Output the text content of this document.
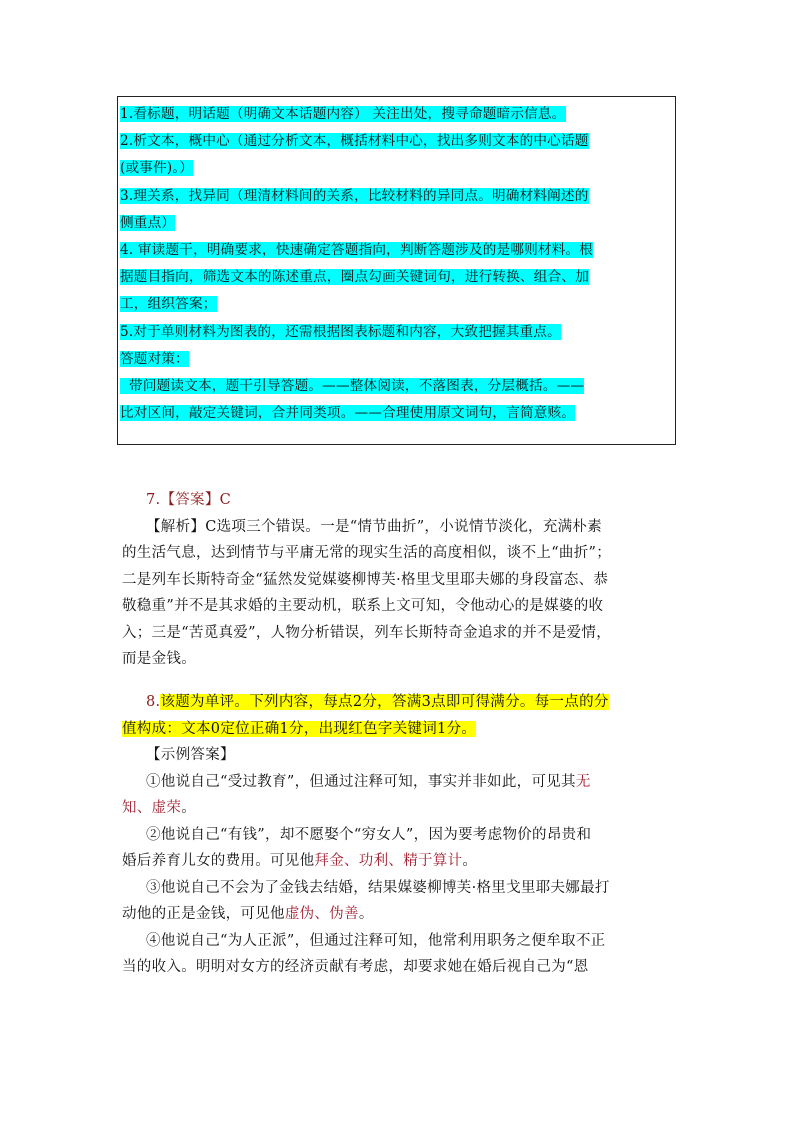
1.看标题，明话题（明确文本话题内容） 关注出处，搜寻命题暗示信息。
2.析文本，概中心（通过分析文本，概括材料中心，找出多则文本的中心话题
(或事件)。）
3.理关系，找异同（理清材料间的关系，比较材料的异同点。明确材料阐述的
侧重点）
4. 审读题干，明确要求，快速确定答题指向，判断答题涉及的是哪则材料。根
据题目指向，筛选文本的陈述重点，圈点勾画关键词句，进行转换、组合、加
工，组织答案；
5.对于单则材料为图表的，还需根据图表标题和内容，大致把握其重点。
答题对策：
带问题读文本，题干引导答题。——整体阅读，不落图表，分层概括。——
比对区间，敲定关键词，合并同类项。——合理使用原文词句，言简意赅。
7.【答案】C
【解析】C选项三个错误。一是“情节曲折”，小说情节淡化，充满朴素
的生活气息，达到情节与平庸无常的现实生活的高度相似，谈不上“曲折”；
二是列车长斯特奇金“猛然发觉媒婆柳博芙·格里戈里耶夫娜的身段富态、恭
敬稳重”并不是其求婚的主要动机，联系上文可知，令他动心的是媒婆的收
入；三是“苦觅真爱”，人物分析错误，列车长斯特奇金追求的并不是爱情，
而是金钱。
8.该题为单评。下列内容，每点2分，答满3点即可得满分。每一点的分
值构成：文本0定位正确1分，出现红色字关键词1分。
【示例答案】
①他说自己“受过教育”，但通过注释可知，事实并非如此，可见其无
知、虚荣。
②他说自己“有钱”，却不愿娶个“穷女人”，因为要考虑物价的昂贵和
婚后养育儿女的费用。可见他拜金、功利、精于算计。
③他说自己不会为了金钱去结婚，结果媒婆柳博芙·格里戈里耶夫娜最打
动他的正是金钱，可见他虚伪、伪善。
④他说自己“为人正派”，但通过注释可知，他常利用职务之便牟取不正
当的收入。明明对女方的经济贡献有考虑，却要求她在婚后视自己为“恩
